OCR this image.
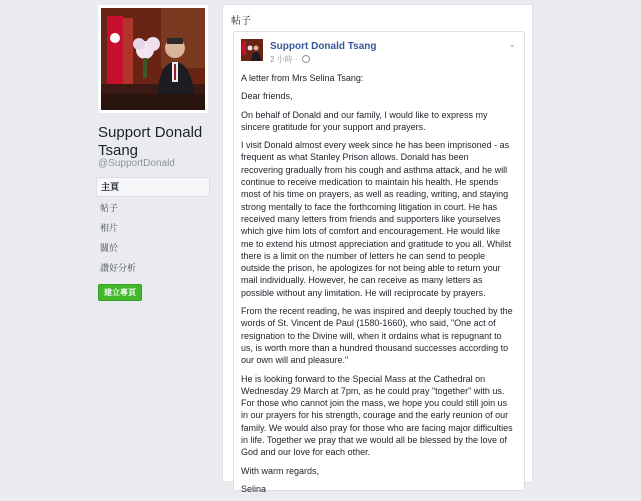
Support Donald Tsang
@SupportDonald
主頁
帖子
相片
關於
讚好分析
建立專頁
帖子
Support Donald Tsang
2 小時 ·
⌄

A letter from Mrs Selina Tsang:

Dear friends,

On behalf of Donald and our family, I would like to express my sincere gratitude for your support and prayers.

I visit Donald almost every week since he has been imprisoned - as frequent as what Stanley Prison allows. Donald has been recovering gradually from his cough and asthma attack, and he will continue to receive medication to maintain his health. He spends most of his time on prayers, as well as reading, writing, and staying strong mentally to face the forthcoming litigation in court. He has received many letters from friends and supporters like yourselves which give him lots of comfort and encouragement. He would like me to extend his utmost appreciation and gratitude to you all. Whilst there is a limit on the number of letters he can send to people outside the prison, he apologizes for not being able to return your mail individually. However, he can receive as many letters as possible without any limitation. He will reciprocate by prayers.

From the recent reading, he was inspired and deeply touched by the words of St. Vincent de Paul (1580-1660), who said, "One act of resignation to the Divine will, when it ordains what is repugnant to us, is worth more than a hundred thousand successes according to our own will and pleasure."

He is looking forward to the Special Mass at the Cathedral on Wednesday 29 March at 7pm, as he could pray "together" with us. For those who cannot join the mass, we hope you could still join us in our prayers for his strength, courage and the early reunion of our family. We would also pray for those who are facing major difficulties in life. Together we pray that we would all be blessed by the love of God and our love for each other.

With warm regards,

Selina
